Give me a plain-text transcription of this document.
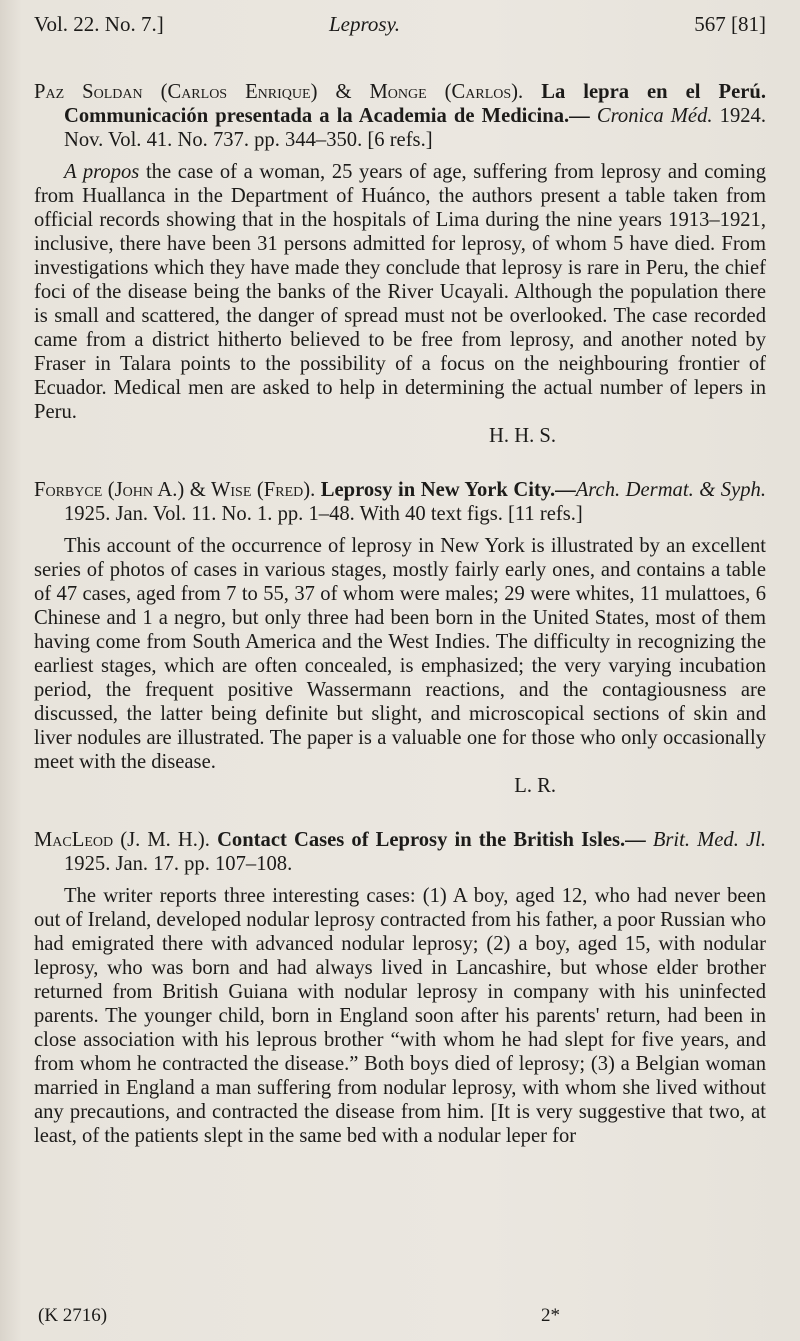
Vol. 22. No. 7.]	Leprosy.	567 [81]
Paz Soldan (Carlos Enrique) & Monge (Carlos). La lepra en el Perú. Communicación presentada a la Academia de Medicina.— Cronica Méd. 1924. Nov. Vol. 41. No. 737. pp. 344–350. [6 refs.]

A propos the case of a woman, 25 years of age, suffering from leprosy and coming from Huallanca in the Department of Huánco, the authors present a table taken from official records showing that in the hospitals of Lima during the nine years 1913–1921, inclusive, there have been 31 persons admitted for leprosy, of whom 5 have died. From investigations which they have made they conclude that leprosy is rare in Peru, the chief foci of the disease being the banks of the River Ucayali. Although the population there is small and scattered, the danger of spread must not be overlooked. The case recorded came from a district hitherto believed to be free from leprosy, and another noted by Fraser in Talara points to the possibility of a focus on the neighbouring frontier of Ecuador. Medical men are asked to help in determining the actual number of lepers in Peru.

H. H. S.
Forbyce (John A.) & Wise (Fred). Leprosy in New York City.—Arch. Dermat. & Syph. 1925. Jan. Vol. 11. No. 1. pp. 1–48. With 40 text figs. [11 refs.]

This account of the occurrence of leprosy in New York is illustrated by an excellent series of photos of cases in various stages, mostly fairly early ones, and contains a table of 47 cases, aged from 7 to 55, 37 of whom were males; 29 were whites, 11 mulattoes, 6 Chinese and 1 a negro, but only three had been born in the United States, most of them having come from South America and the West Indies. The difficulty in recognizing the earliest stages, which are often concealed, is emphasized; the very varying incubation period, the frequent positive Wassermann reactions, and the contagiousness are discussed, the latter being definite but slight, and microscopical sections of skin and liver nodules are illustrated. The paper is a valuable one for those who only occasionally meet with the disease.

L. R.
MacLeod (J. M. H.). Contact Cases of Leprosy in the British Isles.— Brit. Med. Jl. 1925. Jan. 17. pp. 107–108.

The writer reports three interesting cases: (1) A boy, aged 12, who had never been out of Ireland, developed nodular leprosy contracted from his father, a poor Russian who had emigrated there with advanced nodular leprosy; (2) a boy, aged 15, with nodular leprosy, who was born and had always lived in Lancashire, but whose elder brother returned from British Guiana with nodular leprosy in company with his uninfected parents. The younger child, born in England soon after his parents' return, had been in close association with his leprous brother “with whom he had slept for five years, and from whom he contracted the disease.” Both boys died of leprosy; (3) a Belgian woman married in England a man suffering from nodular leprosy, with whom she lived without any precautions, and contracted the disease from him. [It is very suggestive that two, at least, of the patients slept in the same bed with a nodular leper for

(K 2716)	2*
